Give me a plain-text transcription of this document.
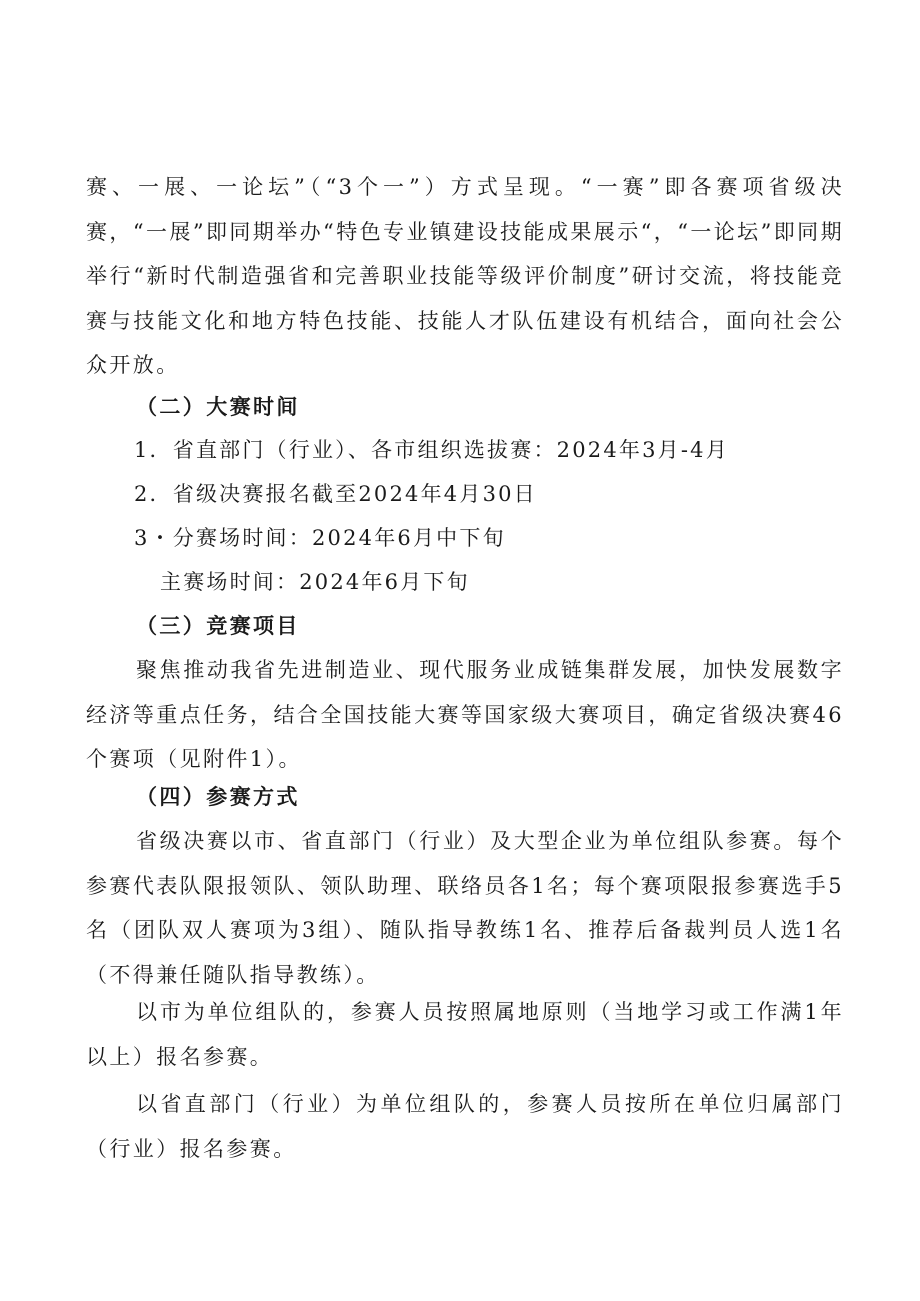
赛、一展、一论坛”（“3个一”）方式呈现。“一赛”即各赛项省级决赛，“一展”即同期举办“特色专业镇建设技能成果展示“，“一论坛”即同期举行“新时代制造强省和完善职业技能等级评价制度”研讨交流，将技能竞赛与技能文化和地方特色技能、技能人才队伍建设有机结合，面向社会公众开放。

（二）大赛时间

1．省直部门（行业）、各市组织选拔赛：2024年3月-4月

2．省级决赛报名截至2024年4月30日

3・分赛场时间：2024年6月中下旬

主赛场时间：2024年6月下旬

（三）竞赛项目

聚焦推动我省先进制造业、现代服务业成链集群发展，加快发展数字经济等重点任务，结合全国技能大赛等国家级大赛项目，确定省级决赛46个赛项（见附件1）。

（四）参赛方式

省级决赛以市、省直部门（行业）及大型企业为单位组队参赛。每个参赛代表队限报领队、领队助理、联络员各1名；每个赛项限报参赛选手5名（团队双人赛项为3组）、随队指导教练1名、推荐后备裁判员人选1名（不得兼任随队指导教练）。

以市为单位组队的，参赛人员按照属地原则（当地学习或工作满1年以上）报名参赛。

以省直部门（行业）为单位组队的，参赛人员按所在单位归属部门（行业）报名参赛。
